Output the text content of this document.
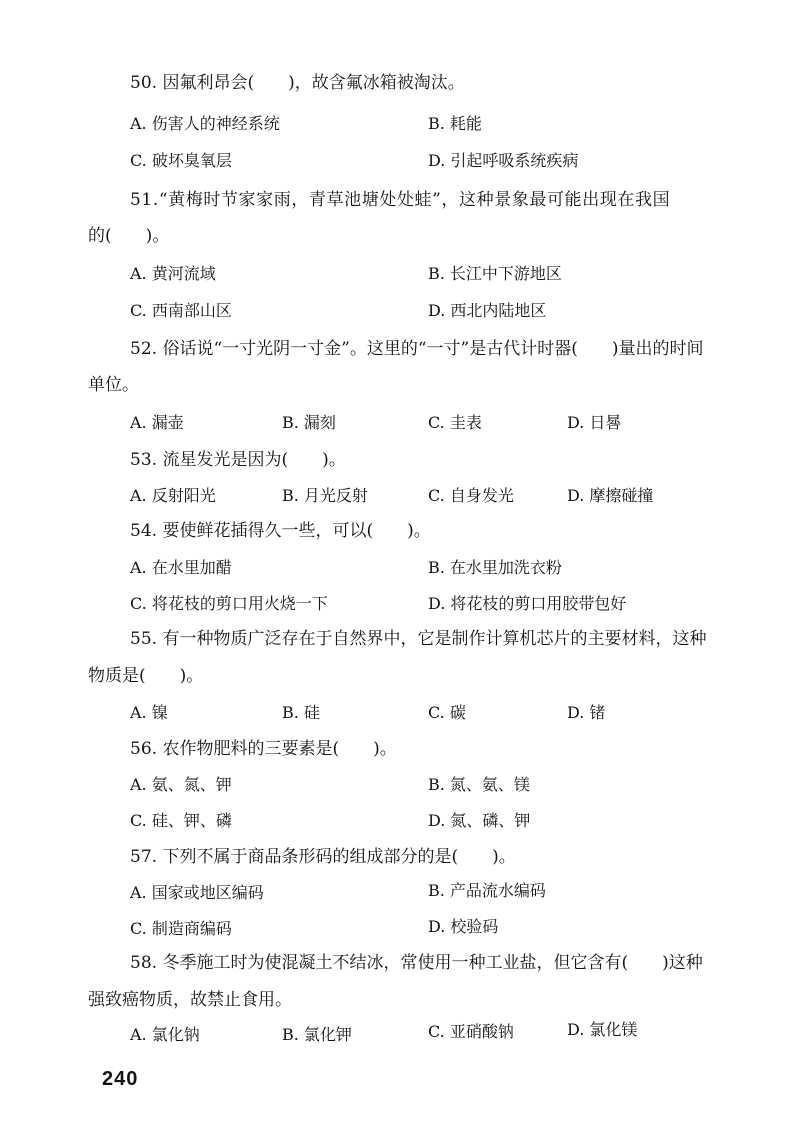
50. 因氟利昂会(　　)，故含氟冰箱被淘汰。
A. 伤害人的神经系统	B. 耗能
C. 破坏臭氧层	D. 引起呼吸系统疾病
51.“黄梅时节家家雨，青草池塘处处蛙”，这种景象最可能出现在我国
的(　　)。
A. 黄河流域	B. 长江中下游地区
C. 西南部山区	D. 西北内陆地区
52. 俗话说“一寸光阴一寸金”。这里的“一寸”是古代计时器(　　)量出的时间
单位。
A. 漏壶	B. 漏刻	C. 圭表	D. 日晷
53. 流星发光是因为(　　)。
A. 反射阳光	B. 月光反射	C. 自身发光	D. 摩擦碰撞
54. 要使鲜花插得久一些，可以(　　)。
A. 在水里加醋	B. 在水里加洗衣粉
C. 将花枝的剪口用火烧一下	D. 将花枝的剪口用胶带包好
55. 有一种物质广泛存在于自然界中，它是制作计算机芯片的主要材料，这种
物质是(　　)。
A. 镍	B. 硅	C. 碳	D. 锗
56. 农作物肥料的三要素是(　　)。
A. 氨、氮、钾	B. 氮、氨、镁
C. 硅、钾、磷	D. 氮、磷、钾
57. 下列不属于商品条形码的组成部分的是(　　)。
A. 国家或地区编码	B. 产品流水编码
C. 制造商编码	D. 校验码
58. 冬季施工时为使混凝土不结冰，常使用一种工业盐，但它含有(　　)这种
强致癌物质，故禁止食用。
A. 氯化钠	B. 氯化钾	C. 亚硝酸钠	D. 氯化镁
240
